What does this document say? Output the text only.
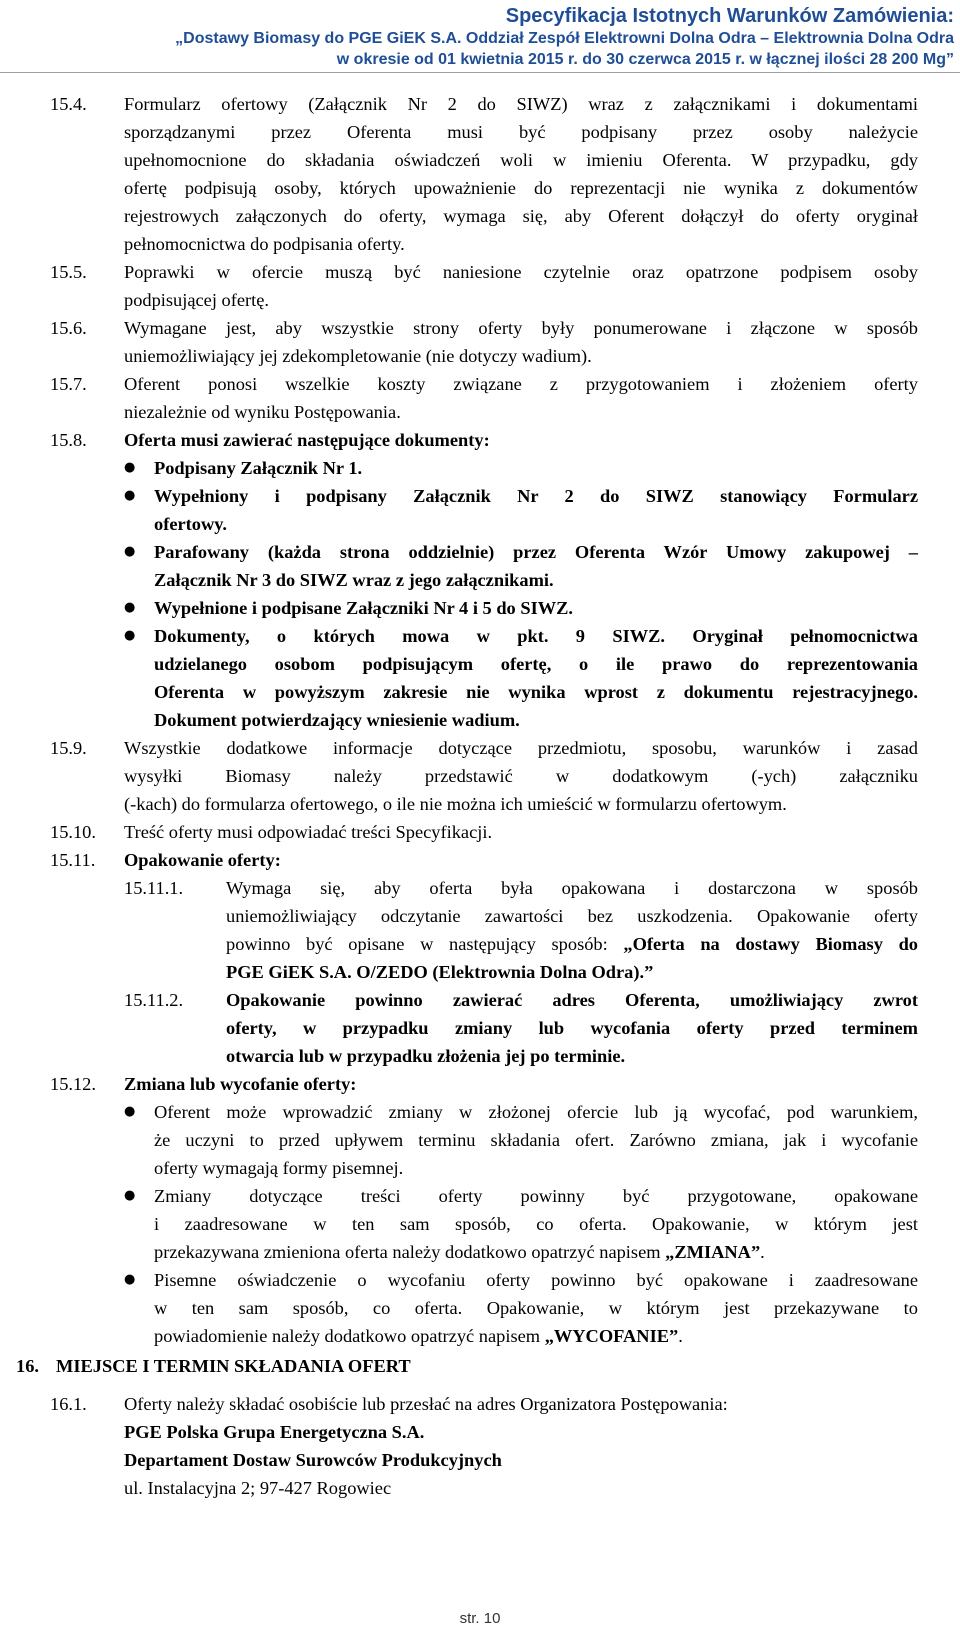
Specyfikacja Istotnych Warunków Zamówienia:
„Dostawy Biomasy do PGE GiEK S.A. Oddział Zespół Elektrowni Dolna Odra – Elektrownia Dolna Odra
w okresie od 01 kwietnia 2015 r. do 30 czerwca 2015 r. w łącznej ilości 28 200 Mg”
15.4. Formularz ofertowy (Załącznik Nr 2 do SIWZ) wraz z załącznikami i dokumentami
sporządzanymi przez Oferenta musi być podpisany przez osoby należycie
upełnomocnione do składania oświadczeń woli w imieniu Oferenta. W przypadku, gdy
ofertę podpisują osoby, których upoważnienie do reprezentacji nie wynika z dokumentów
rejestrowych załączonych do oferty, wymaga się, aby Oferent dołączył do oferty oryginał
pełnomocnictwa do podpisania oferty.
15.5. Poprawki w ofercie muszą być naniesione czytelnie oraz opatrzone podpisem osoby
podpisującej ofertę.
15.6. Wymagane jest, aby wszystkie strony oferty były ponumerowane i złączone w sposób
uniemożliwiający jej zdekompletowanie (nie dotyczy wadium).
15.7. Oferent ponosi wszelkie koszty związane z przygotowaniem i złożeniem oferty
niezależnie od wyniku Postępowania.
15.8. Oferta musi zawierać następujące dokumenty:
● Podpisany Załącznik Nr 1.
● Wypełniony i podpisany Załącznik Nr 2 do SIWZ stanowiący Formularz
ofertowy.
● Parafowany (każda strona oddzielnie) przez Oferenta Wzór Umowy zakupowej –
Załącznik Nr 3 do SIWZ wraz z jego załącznikami.
● Wypełnione i podpisane Załączniki Nr 4 i 5 do SIWZ.
● Dokumenty, o których mowa w pkt. 9 SIWZ. Oryginał pełnomocnictwa
udzielanego osobom podpisującym ofertę, o ile prawo do reprezentowania
Oferenta w powyższym zakresie nie wynika wprost z dokumentu rejestracyjnego.
Dokument potwierdzający wniesienie wadium.
15.9. Wszystkie dodatkowe informacje dotyczące przedmiotu, sposobu, warunków i zasad
wysyłki Biomasy należy przedstawić w dodatkowym (-ych) załączniku
(-kach) do formularza ofertowego, o ile nie można ich umieścić w formularzu ofertowym.
15.10. Treść oferty musi odpowiadać treści Specyfikacji.
15.11. Opakowanie oferty:
15.11.1. Wymaga się, aby oferta była opakowana i dostarczona w sposób
uniemożliwiający odczytanie zawartości bez uszkodzenia. Opakowanie oferty
powinno być opisane w następujący sposób: „Oferta na dostawy Biomasy do
PGE GiEK S.A. O/ZEDO (Elektrownia Dolna Odra).”
15.11.2. Opakowanie powinno zawierać adres Oferenta, umożliwiający zwrot
oferty, w przypadku zmiany lub wycofania oferty przed terminem
otwarcia lub w przypadku złożenia jej po terminie.
15.12. Zmiana lub wycofanie oferty:
● Oferent może wprowadzić zmiany w złożonej ofercie lub ją wycofać, pod warunkiem,
że uczyni to przed upływem terminu składania ofert. Zarówno zmiana, jak i wycofanie
oferty wymagają formy pisemnej.
● Zmiany dotyczące treści oferty powinny być przygotowane, opakowane
i zaadresowane w ten sam sposób, co oferta. Opakowanie, w którym jest
przekazywana zmieniona oferta należy dodatkowo opatrzyć napisem „ZMIANA”.
● Pisemne oświadczenie o wycofaniu oferty powinno być opakowane i zaadresowane
w ten sam sposób, co oferta. Opakowanie, w którym jest przekazywane to
powiadomienie należy dodatkowo opatrzyć napisem „WYCOFANIE”.
16. MIEJSCE I TERMIN SKŁADANIA OFERT
16.1. Oferty należy składać osobiście lub przesłać na adres Organizatora Postępowania:
PGE Polska Grupa Energetyczna S.A.
Departament Dostaw Surowców Produkcyjnych
ul. Instalacyjna 2; 97-427 Rogowiec
str. 10
